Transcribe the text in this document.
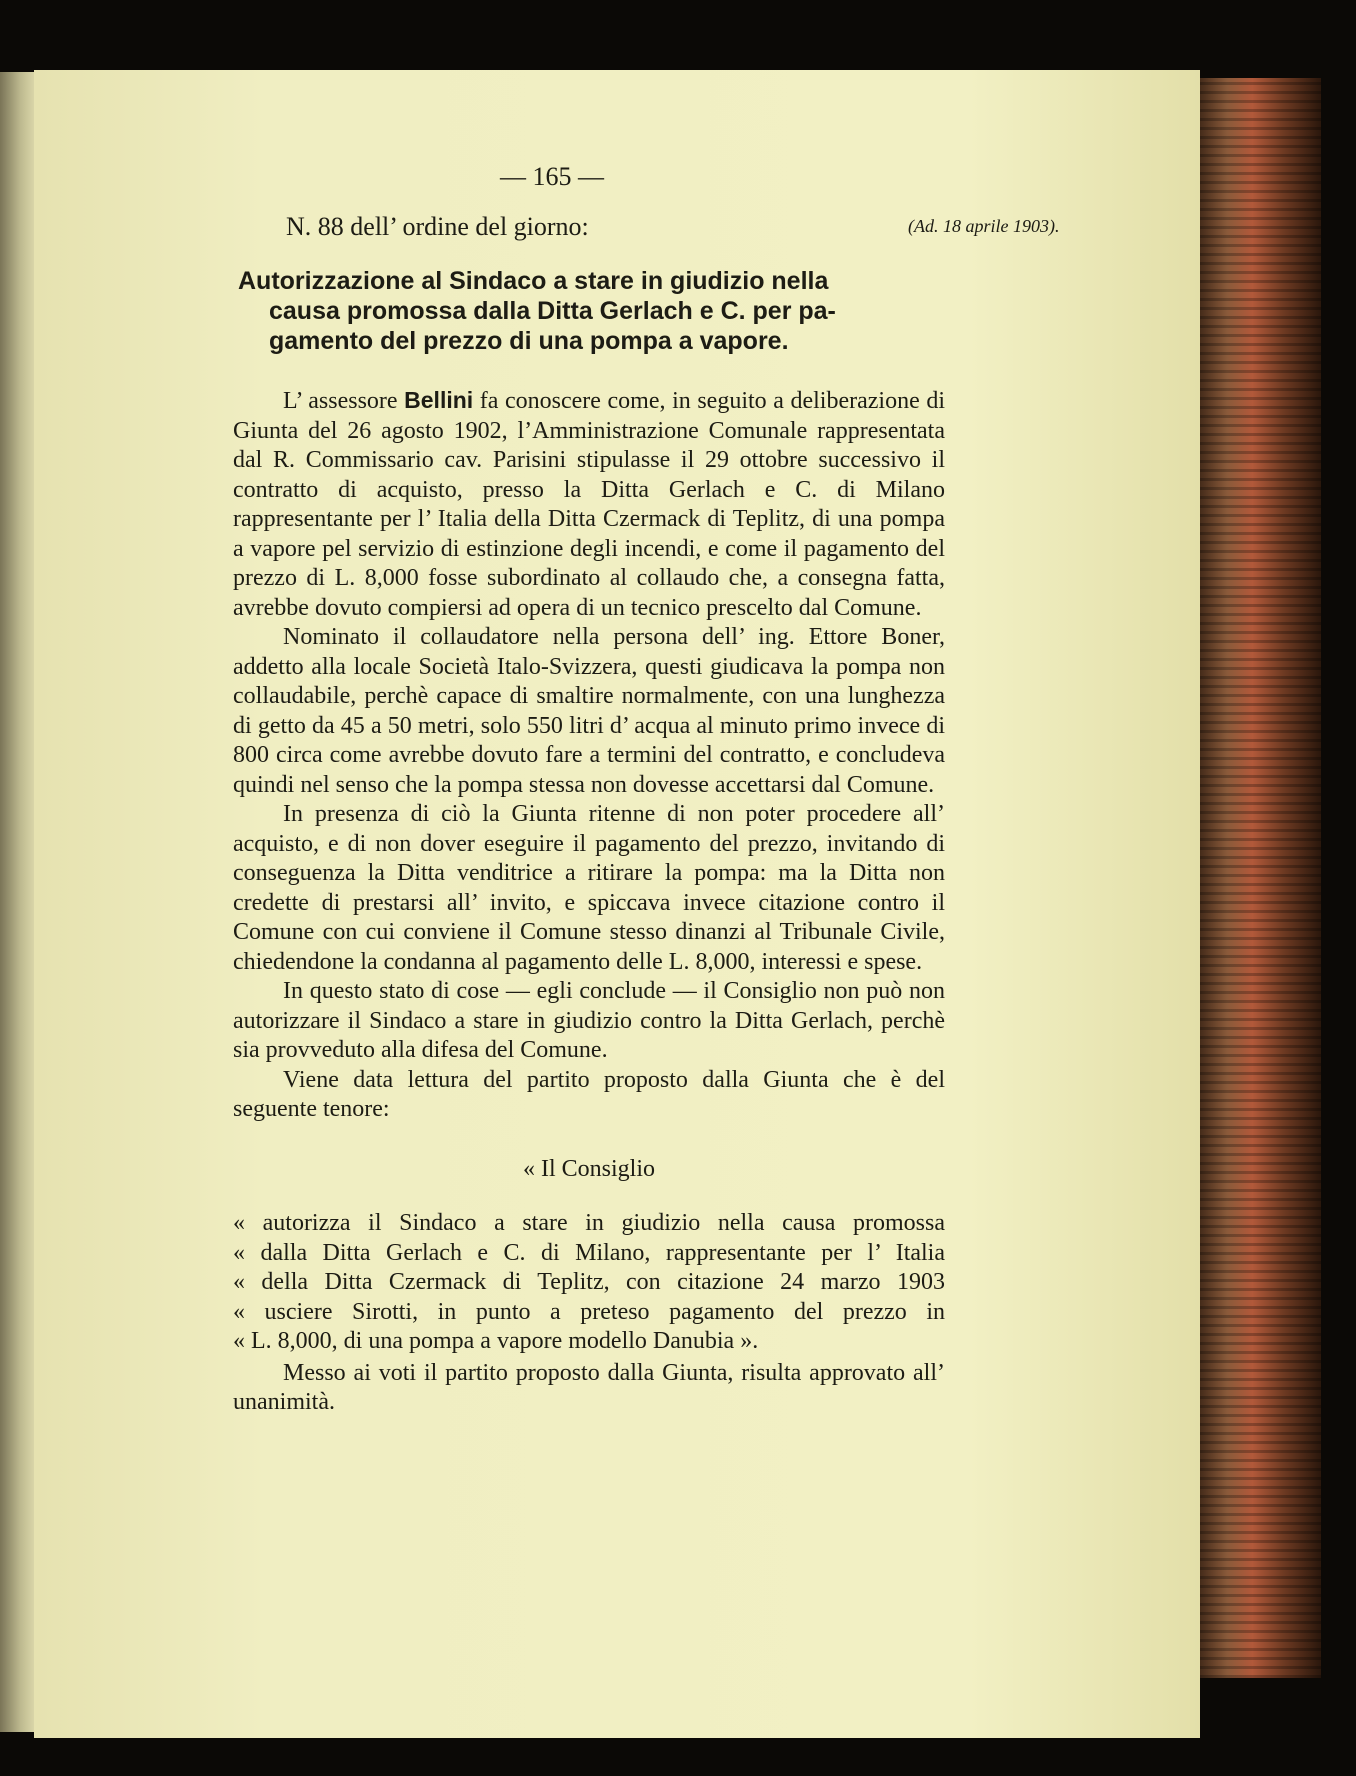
— 165 —
N. 88 dell’ ordine del giorno:	(Ad. 18 aprile 1903).
Autorizzazione al Sindaco a stare in giudizio nella
causa promossa dalla Ditta Gerlach e C. per pa-
gamento del prezzo di una pompa a vapore.

L’ assessore Bellini fa conoscere come, in seguito a deliberazione di Giunta del 26 agosto 1902, l’Amministrazione Comunale rappresentata dal R. Commissario cav. Parisini stipulasse il 29 ottobre successivo il contratto di acquisto, presso la Ditta Gerlach e C. di Milano rappresentante per l’ Italia della Ditta Czermack di Teplitz, di una pompa a vapore pel servizio di estinzione degli incendi, e come il pagamento del prezzo di L. 8,000 fosse subordinato al collaudo che, a consegna fatta, avrebbe dovuto compiersi ad opera di un tecnico prescelto dal Comune.

Nominato il collaudatore nella persona dell’ ing. Ettore Boner, addetto alla locale Società Italo-Svizzera, questi giudicava la pompa non collaudabile, perchè capace di smaltire normalmente, con una lunghezza di getto da 45 a 50 metri, solo 550 litri d’ acqua al minuto primo invece di 800 circa come avrebbe dovuto fare a termini del contratto, e concludeva quindi nel senso che la pompa stessa non dovesse accettarsi dal Comune.

In presenza di ciò la Giunta ritenne di non poter procedere all’ acquisto, e di non dover eseguire il pagamento del prezzo, invitando di conseguenza la Ditta venditrice a ritirare la pompa: ma la Ditta non credette di prestarsi all’ invito, e spiccava invece citazione contro il Comune con cui conviene il Comune stesso dinanzi al Tribunale Civile, chiedendone la condanna al pagamento delle L. 8,000, interessi e spese.

In questo stato di cose — egli conclude — il Consiglio non può non autorizzare il Sindaco a stare in giudizio contro la Ditta Gerlach, perchè sia provveduto alla difesa del Comune.

Viene data lettura del partito proposto dalla Giunta che è del seguente tenore:

« Il Consiglio

« autorizza il Sindaco a stare in giudizio nella causa promossa
« dalla Ditta Gerlach e C. di Milano, rappresentante per l’ Italia
« della Ditta Czermack di Teplitz, con citazione 24 marzo 1903
« usciere Sirotti, in punto a preteso pagamento del prezzo in
« L. 8,000, di una pompa a vapore modello Danubia ».

Messo ai voti il partito proposto dalla Giunta, risulta approvato all’ unanimità.
